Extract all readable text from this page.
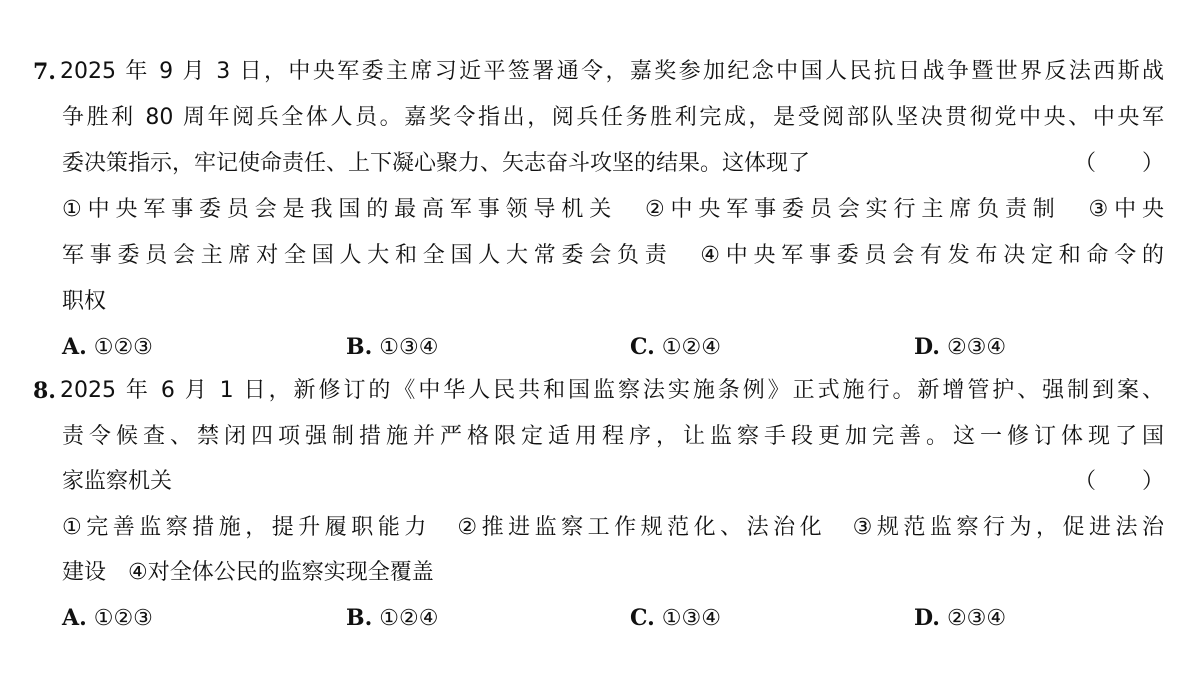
7. 2025 年 9 月 3 日，中央军委主席习近平签署通令，嘉奖参加纪念中国人民抗日战争暨世界反法西斯战
争胜利 80 周年阅兵全体人员。嘉奖令指出，阅兵任务胜利完成，是受阅部队坚决贯彻党中央、中央军
委决策指示，牢记使命责任、上下凝心聚力、矢志奋斗攻坚的结果。这体现了	（ ）
①中央军事委员会是我国的最高军事领导机关　②中央军事委员会实行主席负责制　③中央
军事委员会主席对全国人大和全国人大常委会负责　④中央军事委员会有发布决定和命令的
职权
A. ①②③	B. ①③④	C. ①②④	D. ②③④
8. 2025 年 6 月 1 日，新修订的《中华人民共和国监察法实施条例》正式施行。新增管护、强制到案、
责令候查、禁闭四项强制措施并严格限定适用程序，让监察手段更加完善。这一修订体现了国
家监察机关	（ ）
①完善监察措施，提升履职能力　②推进监察工作规范化、法治化　③规范监察行为，促进法治
建设　④对全体公民的监察实现全覆盖
A. ①②③	B. ①②④	C. ①③④	D. ②③④
